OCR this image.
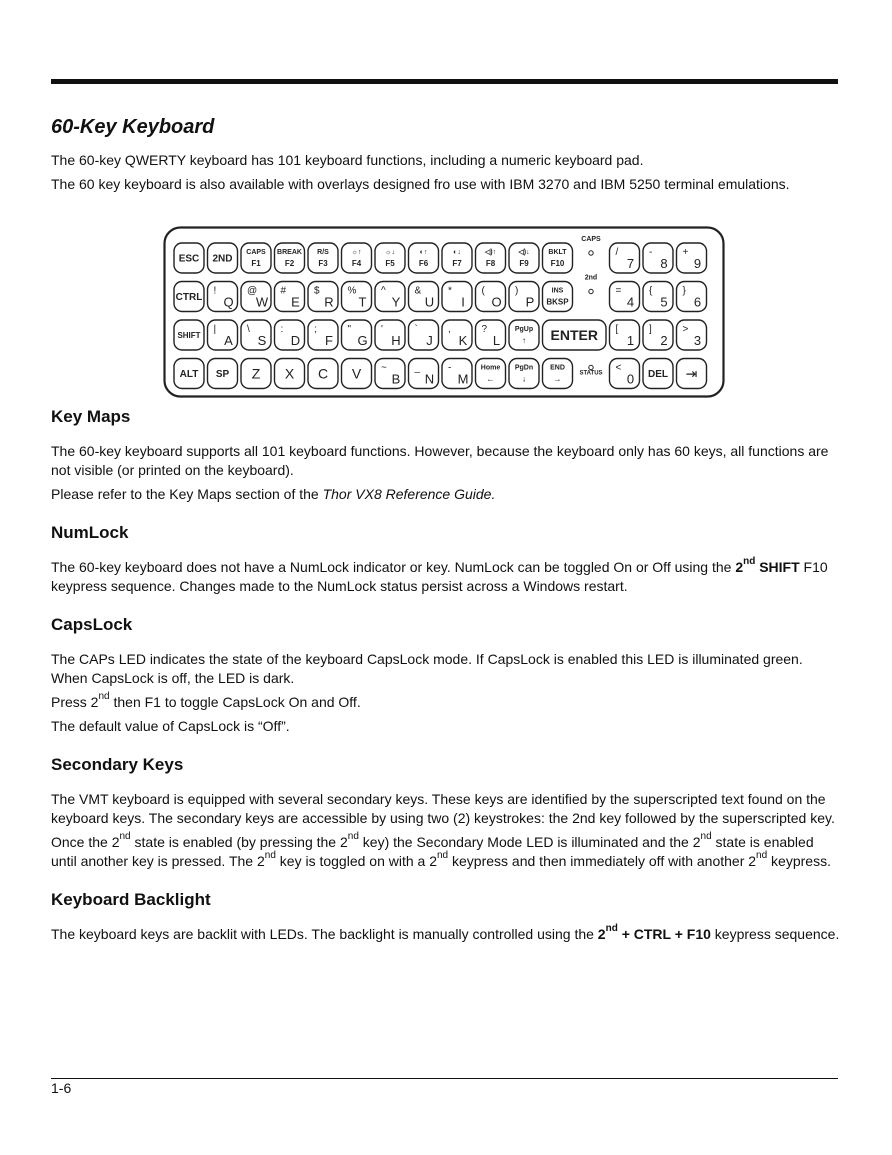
60-Key Keyboard

The 60-key QWERTY keyboard has 101 keyboard functions, including a numeric keyboard pad.

The 60 key keyboard is also available with overlays designed fro use with IBM 3270 and IBM 5250 terminal emulations.

Key Maps

The 60-key keyboard supports all 101 keyboard functions. However, because the keyboard only has 60 keys, all functions are not visible (or printed on the keyboard).

Please refer to the Key Maps section of the Thor VX8 Reference Guide.

NumLock

The 60-key keyboard does not have a NumLock indicator or key. NumLock can be toggled On or Off using the 2nd SHIFT F10 keypress sequence. Changes made to the NumLock status persist across a Windows restart.

CapsLock

The CAPs LED indicates the state of the keyboard CapsLock mode. If CapsLock is enabled this LED is illuminated green. When CapsLock is off, the LED is dark.

Press 2nd then F1 to toggle CapsLock On and Off.

The default value of CapsLock is “Off”.

Secondary Keys

The VMT keyboard is equipped with several secondary keys. These keys are identified by the superscripted text found on the keyboard keys. The secondary keys are accessible by using two (2) keystrokes: the 2nd key followed by the superscripted key.

Once the 2nd state is enabled (by pressing the 2nd key) the Secondary Mode LED is illuminated and the 2nd state is enabled until another key is pressed. The 2nd key is toggled on with a 2nd keypress and then immediately off with another 2nd keypress.

Keyboard Backlight

The keyboard keys are backlit with LEDs. The backlight is manually controlled using the 2nd + CTRL + F10 keypress sequence.

ESC 2ND
CAPS
F1
BREAK
F2
R/S
F3
☼↑
F4
☼↓
F5
◐↑
F6
◐↓
F7
◁)↑
F8
◁)↓
F9
BKLT
F10
/
7
-
8
+
9
CTRL
!
Q
@
W
#
E
$
R
%
T
^
Y
&
U
*
I
(
O
)
P
INS
BKSP
=
4
{
5
}
6
SHIFT
|
A
\
S
:
D
;
F
"
G
'
H
`
J
,
K
?
L
PgUp
↑ ENTER [
1
]
2
>
3
ALT SP Z X C V ~
B
_
N
-
M
Home
←
PgDn
↓
END
→
<
0 DEL ⇥
CAPS
2nd
STATUS
1-6
